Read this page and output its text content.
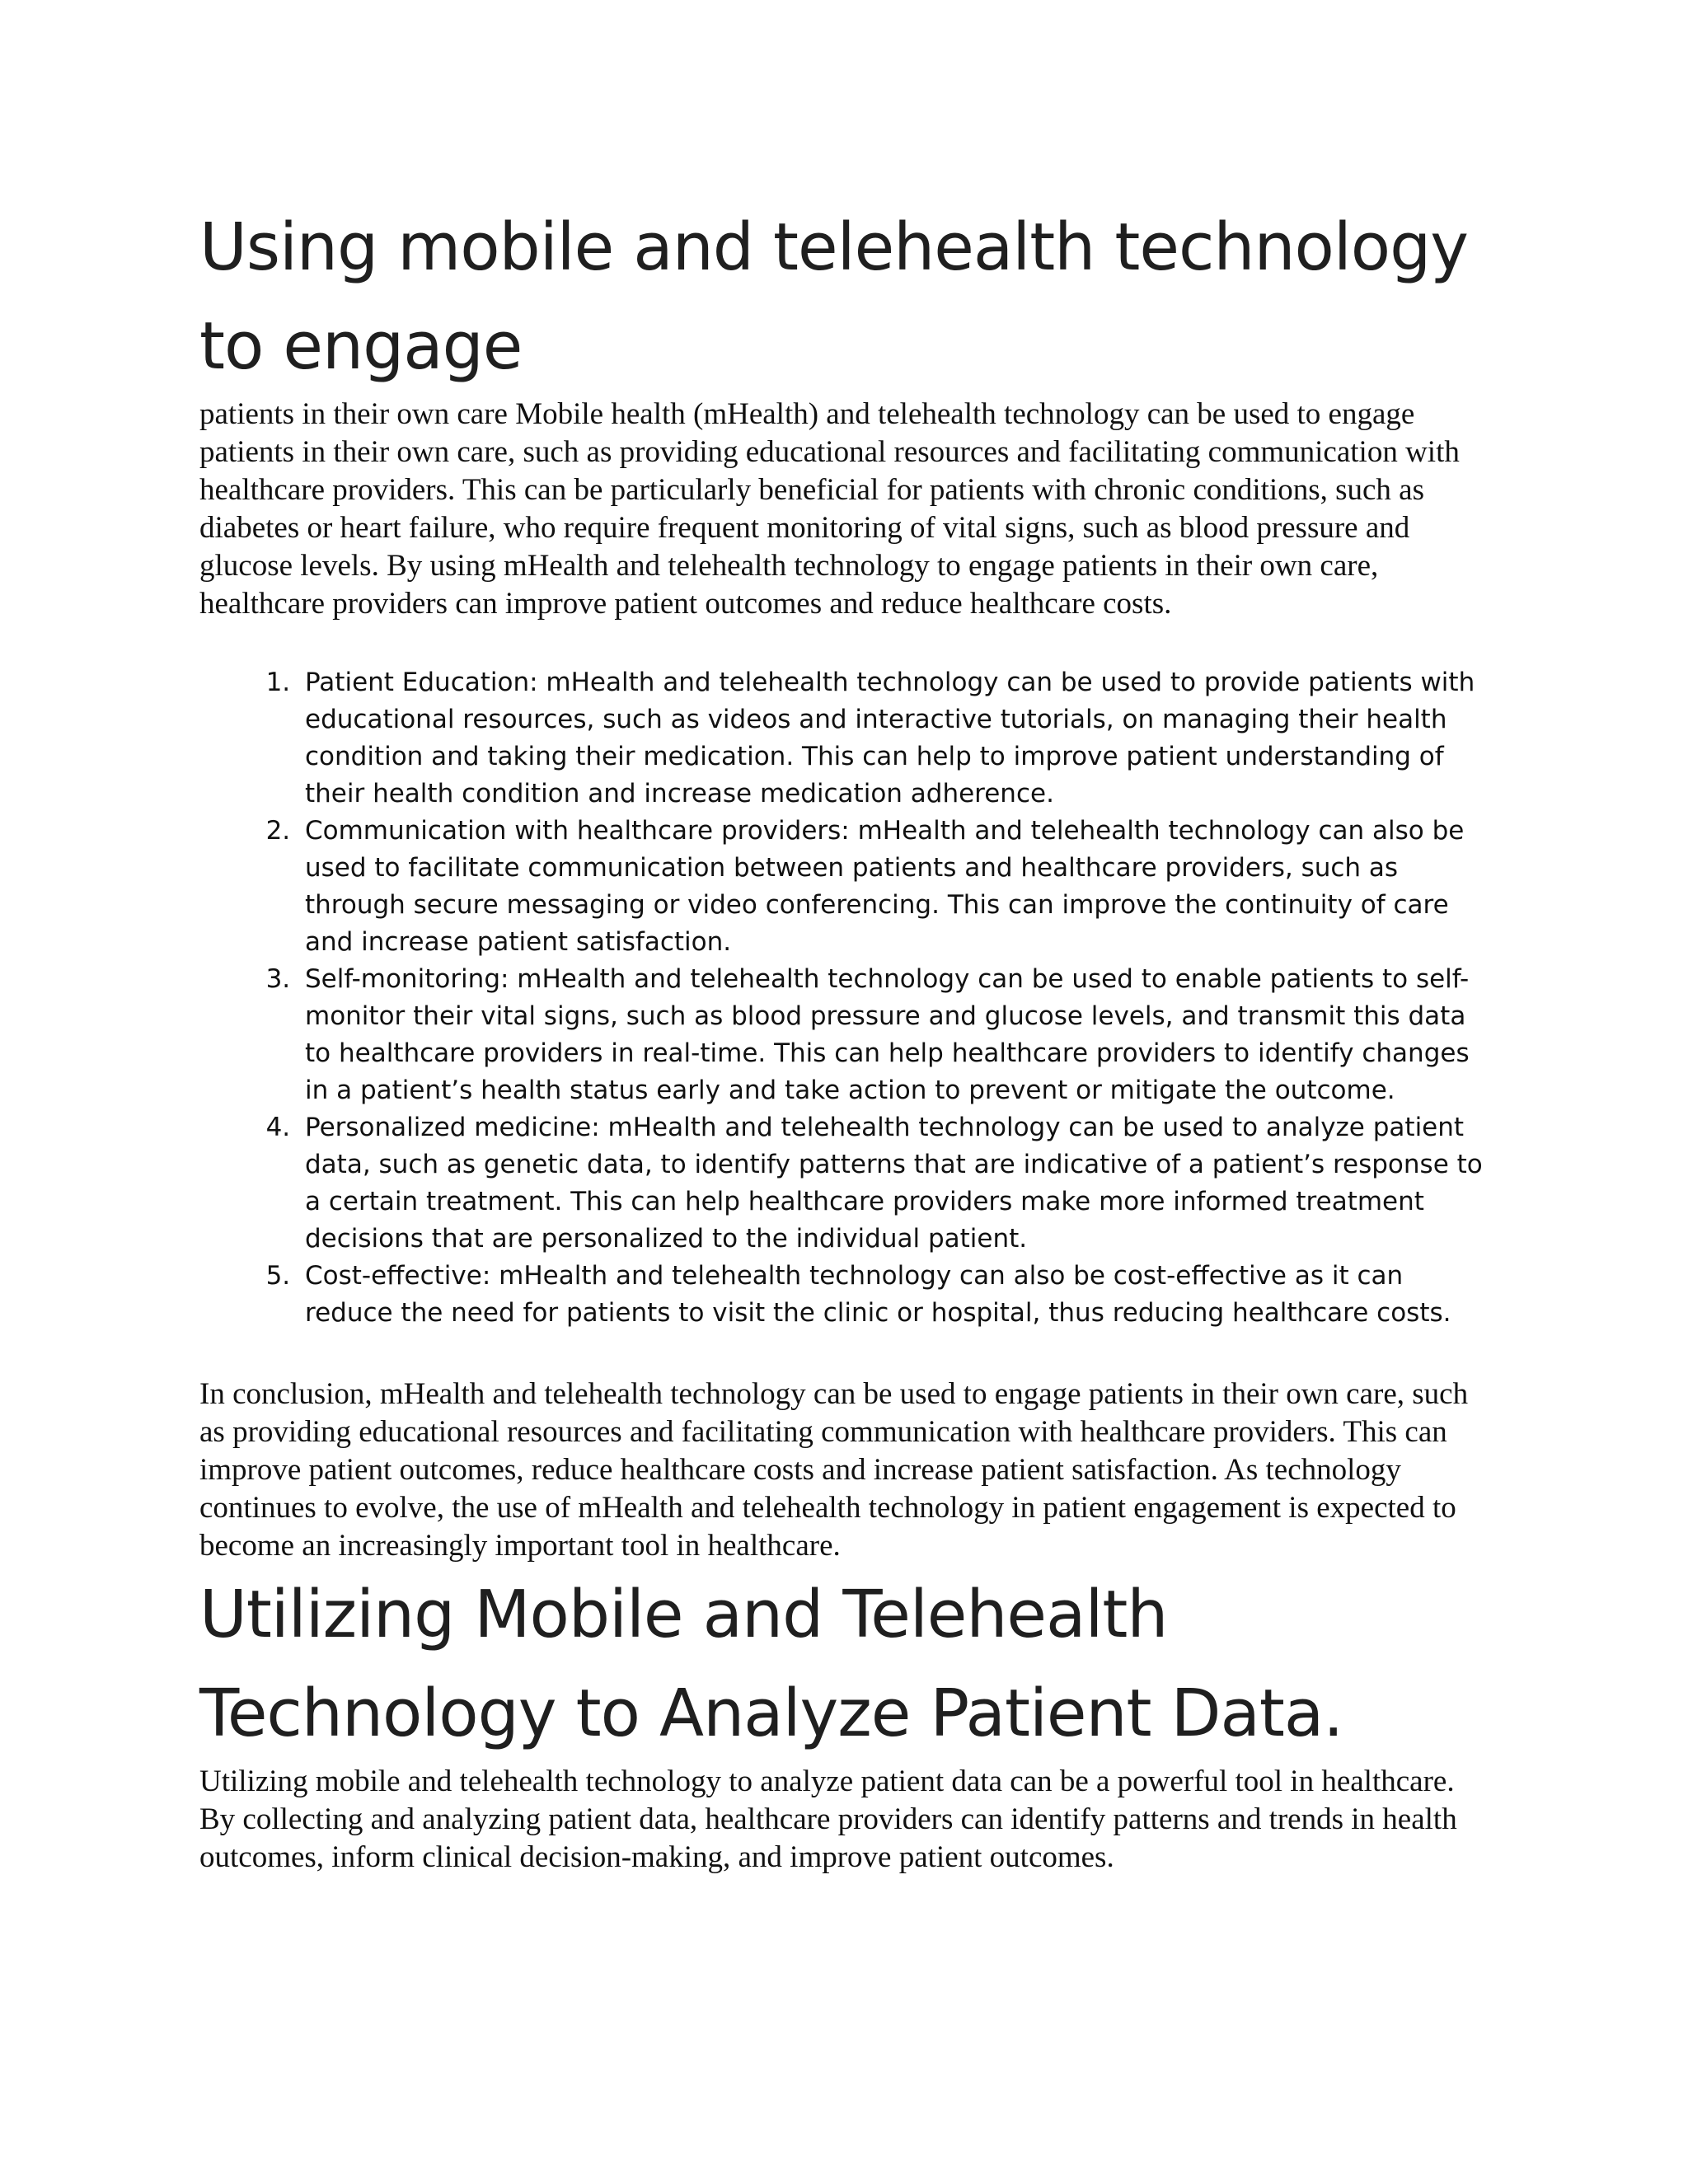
Using mobile and telehealth technology to engage

patients in their own care Mobile health (mHealth) and telehealth technology can be used to engage patients in their own care, such as providing educational resources and facilitating communication with healthcare providers. This can be particularly beneficial for patients with chronic conditions, such as diabetes or heart failure, who require frequent monitoring of vital signs, such as blood pressure and glucose levels. By using mHealth and telehealth technology to engage patients in their own care, healthcare providers can improve patient outcomes and reduce healthcare costs.

1. Patient Education: mHealth and telehealth technology can be used to provide patients with educational resources, such as videos and interactive tutorials, on managing their health condition and taking their medication. This can help to improve patient understanding of their health condition and increase medication adherence.
2. Communication with healthcare providers: mHealth and telehealth technology can also be used to facilitate communication between patients and healthcare providers, such as through secure messaging or video conferencing. This can improve the continuity of care and increase patient satisfaction.
3. Self-monitoring: mHealth and telehealth technology can be used to enable patients to self-monitor their vital signs, such as blood pressure and glucose levels, and transmit this data to healthcare providers in real-time. This can help healthcare providers to identify changes in a patient’s health status early and take action to prevent or mitigate the outcome.
4. Personalized medicine: mHealth and telehealth technology can be used to analyze patient data, such as genetic data, to identify patterns that are indicative of a patient’s response to a certain treatment. This can help healthcare providers make more informed treatment decisions that are personalized to the individual patient.
5. Cost-effective: mHealth and telehealth technology can also be cost-effective as it can reduce the need for patients to visit the clinic or hospital, thus reducing healthcare costs.

In conclusion, mHealth and telehealth technology can be used to engage patients in their own care, such as providing educational resources and facilitating communication with healthcare providers. This can improve patient outcomes, reduce healthcare costs and increase patient satisfaction. As technology continues to evolve, the use of mHealth and telehealth technology in patient engagement is expected to become an increasingly important tool in healthcare.

Utilizing Mobile and Telehealth Technology to Analyze Patient Data.

Utilizing mobile and telehealth technology to analyze patient data can be a powerful tool in healthcare. By collecting and analyzing patient data, healthcare providers can identify patterns and trends in health outcomes, inform clinical decision-making, and improve patient outcomes.
